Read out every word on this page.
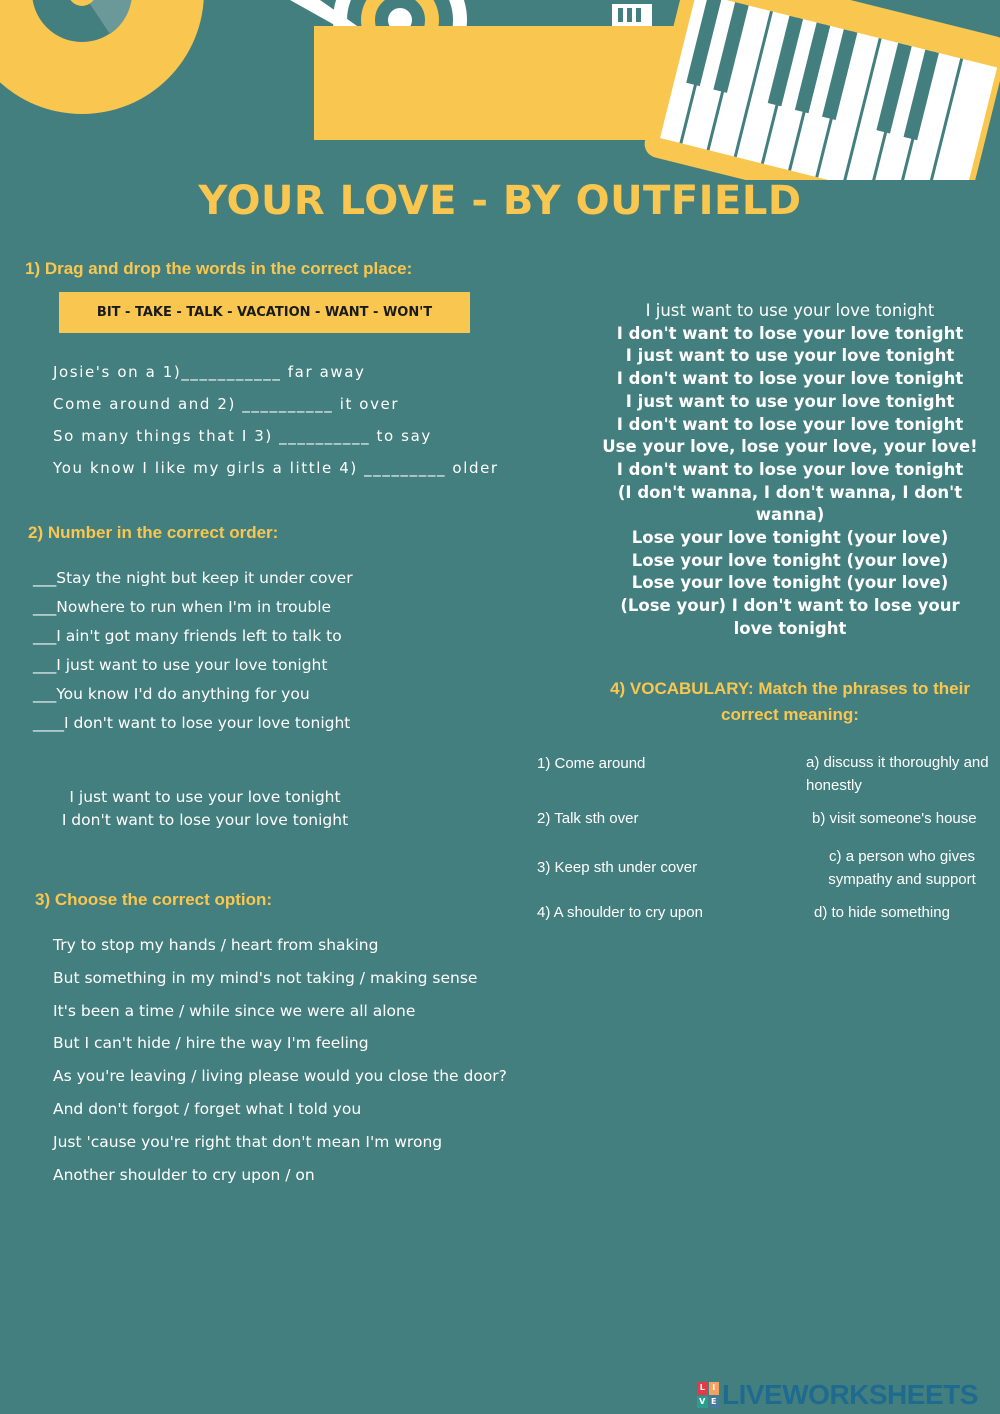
YOUR LOVE - BY OUTFIELD
1) Drag and drop the words in the correct place:
BIT - TAKE - TALK - VACATION - WANT - WON'T
Josie's on a 1)___________ far away
Come around and 2) __________ it over
So many things that I 3) __________ to say
You know I like my girls a little 4) _________ older
2) Number in the correct order:
___Stay the night but keep it under cover
___Nowhere to run when I'm in trouble
___I ain't got many friends left to talk to
___I just want to use your love tonight
___You know I'd do anything for you
____I don't want to lose your love tonight
I just want to use your love tonight
I don't want to lose your love tonight
3) Choose the correct option:
Try to stop my hands / heart from shaking
But something in my mind's not taking / making sense
It's been a time / while since we were all alone
But I can't hide / hire the way I'm feeling
As you're leaving / living please would you close the door?
And don't forgot / forget what I told you
Just 'cause you're right that don't mean I'm wrong
Another shoulder to cry upon / on
I just want to use your love tonight
I don't want to lose your love tonight
I just want to use your love tonight
I don't want to lose your love tonight
I just want to use your love tonight
I don't want to lose your love tonight
Use your love, lose your love, your love!
I don't want to lose your love tonight
(I don't wanna, I don't wanna, I don't wanna)
Lose your love tonight (your love)
Lose your love tonight (your love)
Lose your love tonight (your love)
(Lose your) I don't want to lose your love tonight
4) VOCABULARY: Match the phrases to their correct meaning:
1) Come around
2) Talk sth over
3) Keep sth under cover
4) A shoulder to cry upon
a) discuss it thoroughly and honestly
b) visit someone's house
c) a person who gives sympathy and support
d) to hide something
L I
V E LIVEWORKSHEETS
